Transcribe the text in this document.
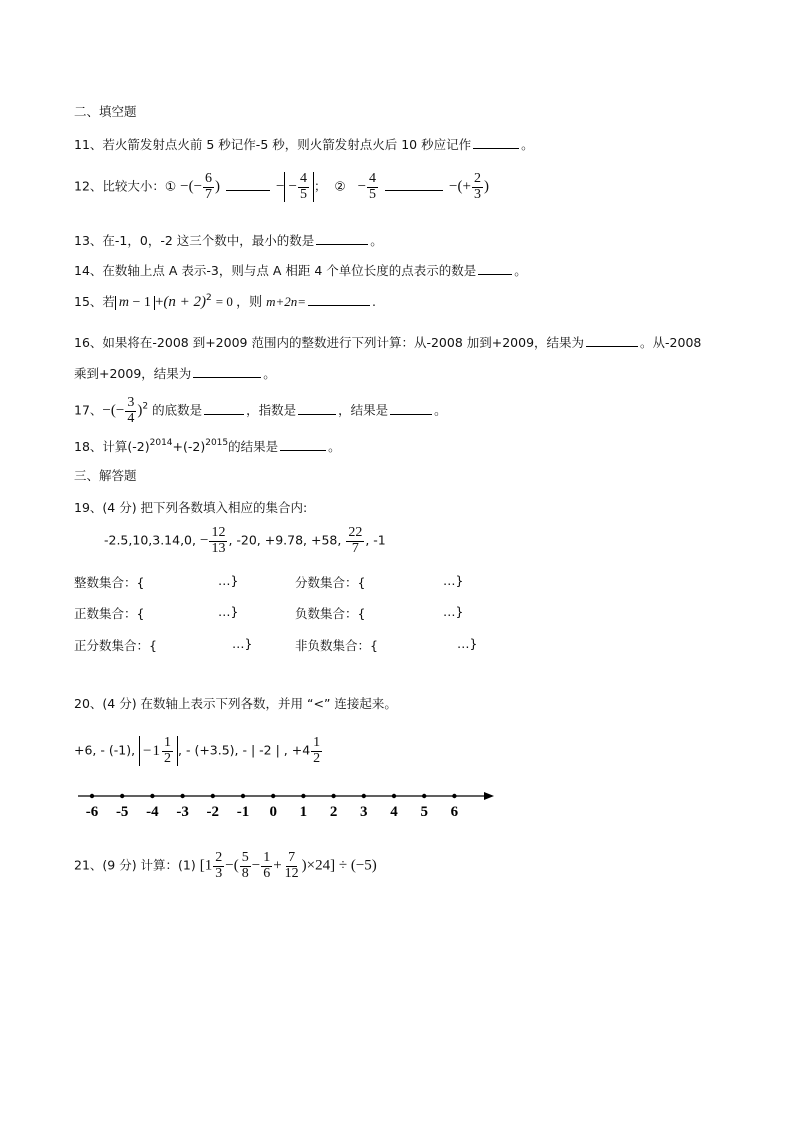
二、填空题
11、若火箭发射点火前 5 秒记作-5 秒，则火箭发射点火后 10 秒应记作	。
12、比较大小：① −(− $\frac{6}{7}$ )	− − $\frac{4}{5}$ ； ② − $\frac{4}{5}$	−(+ $\frac{2}{3}$ )
13、在-1，0，-2 这三个数中，最小的数是	。
14、在数轴上点 A 表示-3，则与点 A 相距 4 个单位长度的点表示的数是	。
15、若 $m - 1 +(n + 2)^2 = 0$ ，则 m+2n=	.
16、如果将在-2008 到+2009 范围内的整数进行下列计算：从-2008 加到+2009，结果为	。从-2008
乘到+2009，结果为	。
17、−(− $\frac{3}{4} )^2$ 的底数是	，指数是	，结果是	。
18、计算$(-2)^{2014}+(-2)^{2015}$的结果是	。
三、解答题
19、(4 分) 把下列各数填入相应的集合内:
-2.5,10,3.14,0, − $\frac{12}{13}$ , -20, +9.78, +58, $\frac{22}{7}$ , -1
整数集合：{	…}	分数集合：{	…}
正数集合：{	…}	负数集合：{	…}
正分数集合：{	…}	非负数集合：{	…}
20、(4 分) 在数轴上表示下列各数，并用 “<” 连接起来。
+6, - (-1), − $1 \frac{1}{2}$ , - (+3.5), - | -2 | , $+4 \frac{1}{2}$
-6 -5 -4 -3 -2 -1 0 1 2 3 4 5 6
21、(9 分) 计算：(1) [$1 \frac{2}{3}$ −( $\frac{5}{8} - \frac{1}{6} + \frac{7}{12} )\times 24] \div (-5)$
